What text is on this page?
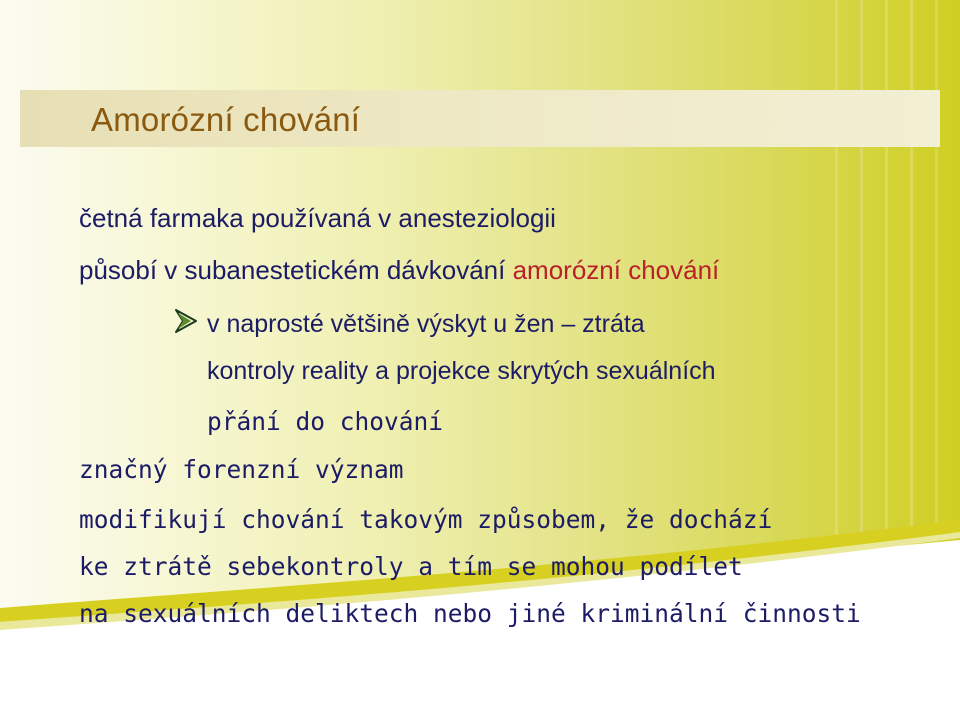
Amorózní chování

četná farmaka používaná v anesteziologii

působí v subanestetickém dávkování amorózní chování

v naprosté většině výskyt u žen – ztráta

kontroly reality a projekce skrytých sexuálních

přání do chování

značný forenzní význam

modifikují chování takovým způsobem, že dochází

ke ztrátě sebekontroly a tím se mohou podílet

na sexuálních deliktech nebo jiné kriminální činnosti
